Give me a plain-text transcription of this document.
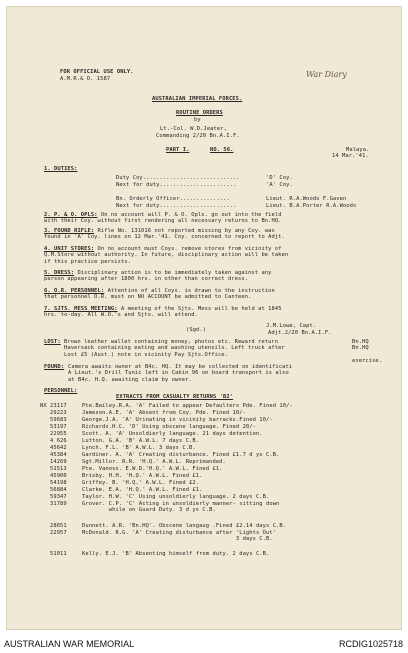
FOR OFFICIAL USE ONLY.
A.M.R.& O. 1587	War Diary
AUSTRALIAN IMPERIAL FORCES.
ROUTINE ORDERS
by
Lt.-Col. W.D.Jeater,
Commanding 2/20 Bn.A.I.F.
PART I.	NO. 56.	Malaya.
14 Mar.'41.
1. DUTIES:
Duty Coy.............................	'D' Coy.
Next for duty.......................	'A' Coy.
Bn. Orderly Officer...............	Lieut. R.A.Woods F.Gaven
Next for duty.......................	Lieut. B.A.Porter R.A.Woods
2. P. & O. OPLS: On no account will P. & O. Opls. go out into the field
with their Coy. without first rendering all necessary returns to Bn.HQ.
3. FOUND RIFLE: Rifle No. 131016 not reported missing by any Coy. was
found in 'A' Coy. lines on 12 Mar.'41. Coy. concerned to report to Adjt.
4. UNIT STORES: On no account must Coys. remove stores from vicinity of
Q.M.Store without authority. In future, disciplinary action will be taken
if this practice persists.
5. DRESS: Disciplinary action is to be immediately taken against any
person appearing after 1800 hrs. in other than correct dress.
6. O.R. PERSONNEL: Attention of all Coys. is drawn to the instruction
that personnel O.R. must on NO ACCOUNT be admitted to Canteen.
7. SJTS. MESS MEETING: A meeting of the Sjts. Mess will be held at 1845
hrs. to-day. All W.O.'s and Sjts. will attend.
(Sgd.)
J.M.Lowe, Capt.
Adjt.2/20 Bn.A.I.F.
LOST: Brown leather wallet containing money, photos etc. Reward return
Haversack containing eating and washing utensils. Left truck after
Lost £5 (Aust.) note in vicinity Pay Sjts.Office.
Bn.HQ
Bn.HQ
exercise.
FOUND: Camera awaits owner at B4c. HQ. It may be collected on identificati
A Lieut.'s Drill Tunic left in Cabin 96 on board transport is also
at B4c. H.Q. awaiting claim by owner.
PERSONNEL:
EXTRACTS FROM CASUALTY RETURNS 'B2'
NX 23117	Pte.Bailey.R.A. 'A' Failed to appear Defaulters Pde. Fined 10/-
29223	Jameson.A.E. 'A' Absent from Coy. Pde. Fined 10/-
59683	George.J.A. 'A' Urinating in vicinity barracks.Fined 10/-
53197	Richards.H.C. 'D' Using obscene language. Fined 20/-
22955	Scott. A. 'A' Unsoldierly language. 21 days detention.
4 626	Lutton. G.A. 'B' A.W.L. 7 days C.B.
45642	Lynch. F.L. 'B' A.W.L. 3 days C.B.
45384	Gardiner. A. 'A' Creating disturbance. Fined £1.7 d ys C.B.
14269	Sgt.Millor. R.R. 'H.Q.' A.W.L. Reprimanded.
51513	Pte. Vanoss. E.W.D.'H.Q.' A.W.L. Fined £1.
45900	Brisby. H.H. 'H.Q.' A.W.L. Fined £1.
54198	Griffey. B. 'H.Q.' A.W.L. Fined £2.
56884	Clarke. E.A. 'H.Q.' A.W.L. Fined £1.
59347	Taylor. H.W. 'C' Using unsoldierly language. 2 days C.B.
31789	Grover. C.P. 'C' Acting in unsoldierly manner- sitting down
while on Guard Duty. 3 d ys C.B.
28651	Dunnett. A.R. 'Bn.HQ'. Obscene langaug .Fined £2.14 days C.B.
22957	McDonald. R.G. 'A' Creating disturbance after 'Lights Out'
3 days C.B.
51011	Kelly. E.J. 'B' Absenting himself from duty. 2 days C.B.
AUSTRALIAN WAR MEMORIAL	RCDIG1025718
